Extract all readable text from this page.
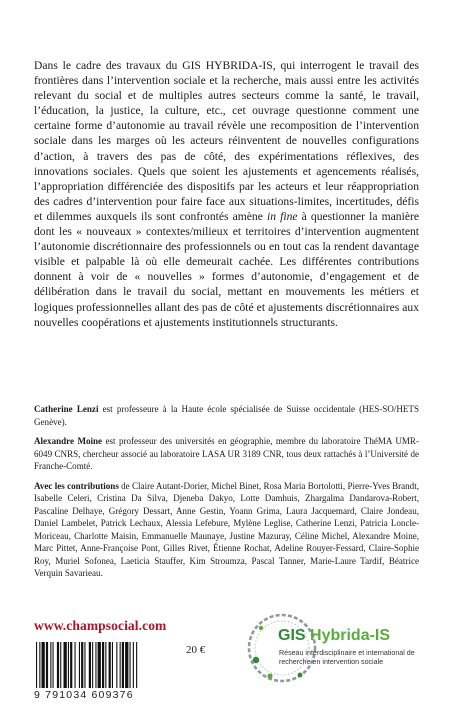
Dans le cadre des travaux du GIS HYBRIDA-IS, qui interrogent le travail des frontières dans l’intervention sociale et la recherche, mais aussi entre les activités relevant du social et de multiples autres secteurs comme la santé, le travail, l’éducation, la justice, la culture, etc., cet ouvrage questionne comment une certaine forme d’autonomie au travail révèle une recomposition de l’intervention sociale dans les marges où les acteurs réinventent de nouvelles configurations d’action, à travers des pas de côté, des expérimentations réflexives, des innovations sociales. Quels que soient les ajustements et agencements réalisés, l’appropriation différenciée des dispositifs par les acteurs et leur réappropriation des cadres d’intervention pour faire face aux situations-limites, incertitudes, défis et dilemmes auxquels ils sont confrontés amène in fine à questionner la manière dont les « nouveaux » contextes/milieux et territoires d’intervention augmentent l’autonomie discrétionnaire des professionnels ou en tout cas la rendent davantage visible et palpable là où elle demeurait cachée. Les différentes contributions donnent à voir de « nouvelles » formes d’autonomie, d’engagement et de délibération dans le travail du social, mettant en mouvements les métiers et logiques professionnelles allant des pas de côté et ajustements discrétionnaires aux nouvelles coopérations et ajustements institutionnels structurants.

Catherine Lenzi est professeure à la Haute école spécialisée de Suisse occidentale (HES-SO/HETS Genève).

Alexandre Moine est professeur des universités en géographie, membre du laboratoire ThéMA UMR-6049 CNRS, chercheur associé au laboratoire LASA UR 3189 CNR, tous deux rattachés à l’Université de Franche-Comté.

Avec les contributions de Claire Autant-Dorier, Michel Binet, Rosa Maria Bortolotti, Pierre-Yves Brandt, Isabelle Celeri, Cristina Da Silva, Djeneba Dakyo, Lotte Damhuis, Zhargalma Dandarova-Robert, Pascaline Delhaye, Grégory Dessart, Anne Gestin, Yoann Grima, Laura Jacquemard, Claire Jondeau, Daniel Lambelet, Patrick Lechaux, Alessia Lefebure, Mylène Leglise, Catherine Lenzi, Patricia Loncle-Moriceau, Charlotte Maisin, Emmanuelle Maunaye, Justine Mazuray, Céline Michel, Alexandre Moine, Marc Pittet, Anne-Françoise Pont, Gilles Rivet, Étienne Rochat, Adeline Rouyer-Fessard, Claire-Sophie Roy, Muriel Sofonea, Laeticia Stauffer, Kim Stroumza, Pascal Tanner, Marie-Laure Tardif, Béatrice Verquin Savarieau.

www.champsocial.com
9 791034 609376
20 €
GIS Hybrida-IS
Réseau interdisciplinaire et international de recherche en intervention sociale
